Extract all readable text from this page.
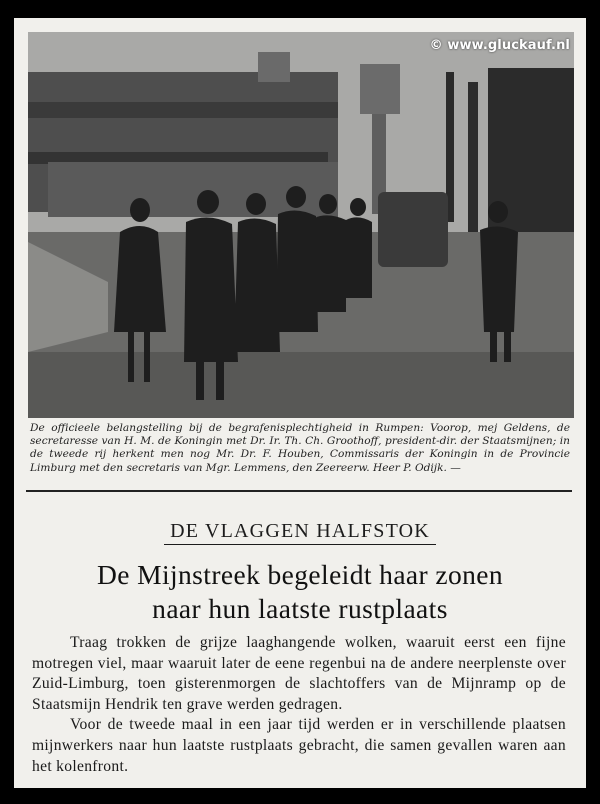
© www.gluckauf.nl
De officieele belangstelling bij de begrafenisplechtigheid in Rumpen: Voorop, mej Geldens, de secretaresse van H. M. de Koningin met Dr. Ir. Th. Ch. Groothoff, president-dir. der Staatsmijnen; in de tweede rij herkent men nog Mr. Dr. F. Houben, Commissaris der Koningin in de Provincie Limburg met den secretaris van Mgr. Lemmens, den Zeereerw. Heer P. Odijk. —
DE VLAGGEN HALFSTOK
De Mijnstreek begeleidt haar zonen
naar hun laatste rustplaats

Traag trokken de grijze laaghangende wolken, waaruit eerst een fijne motregen viel, maar waaruit later de eene regenbui na de andere neerplenste over Zuid-Limburg, toen gisterenmorgen de slachtoffers van de Mijnramp op de Staatsmijn Hendrik ten grave werden gedragen.

Voor de tweede maal in een jaar tijd werden er in verschillende plaatsen mijnwerkers naar hun laatste rustplaats gebracht, die samen gevallen waren aan het kolenfront.
